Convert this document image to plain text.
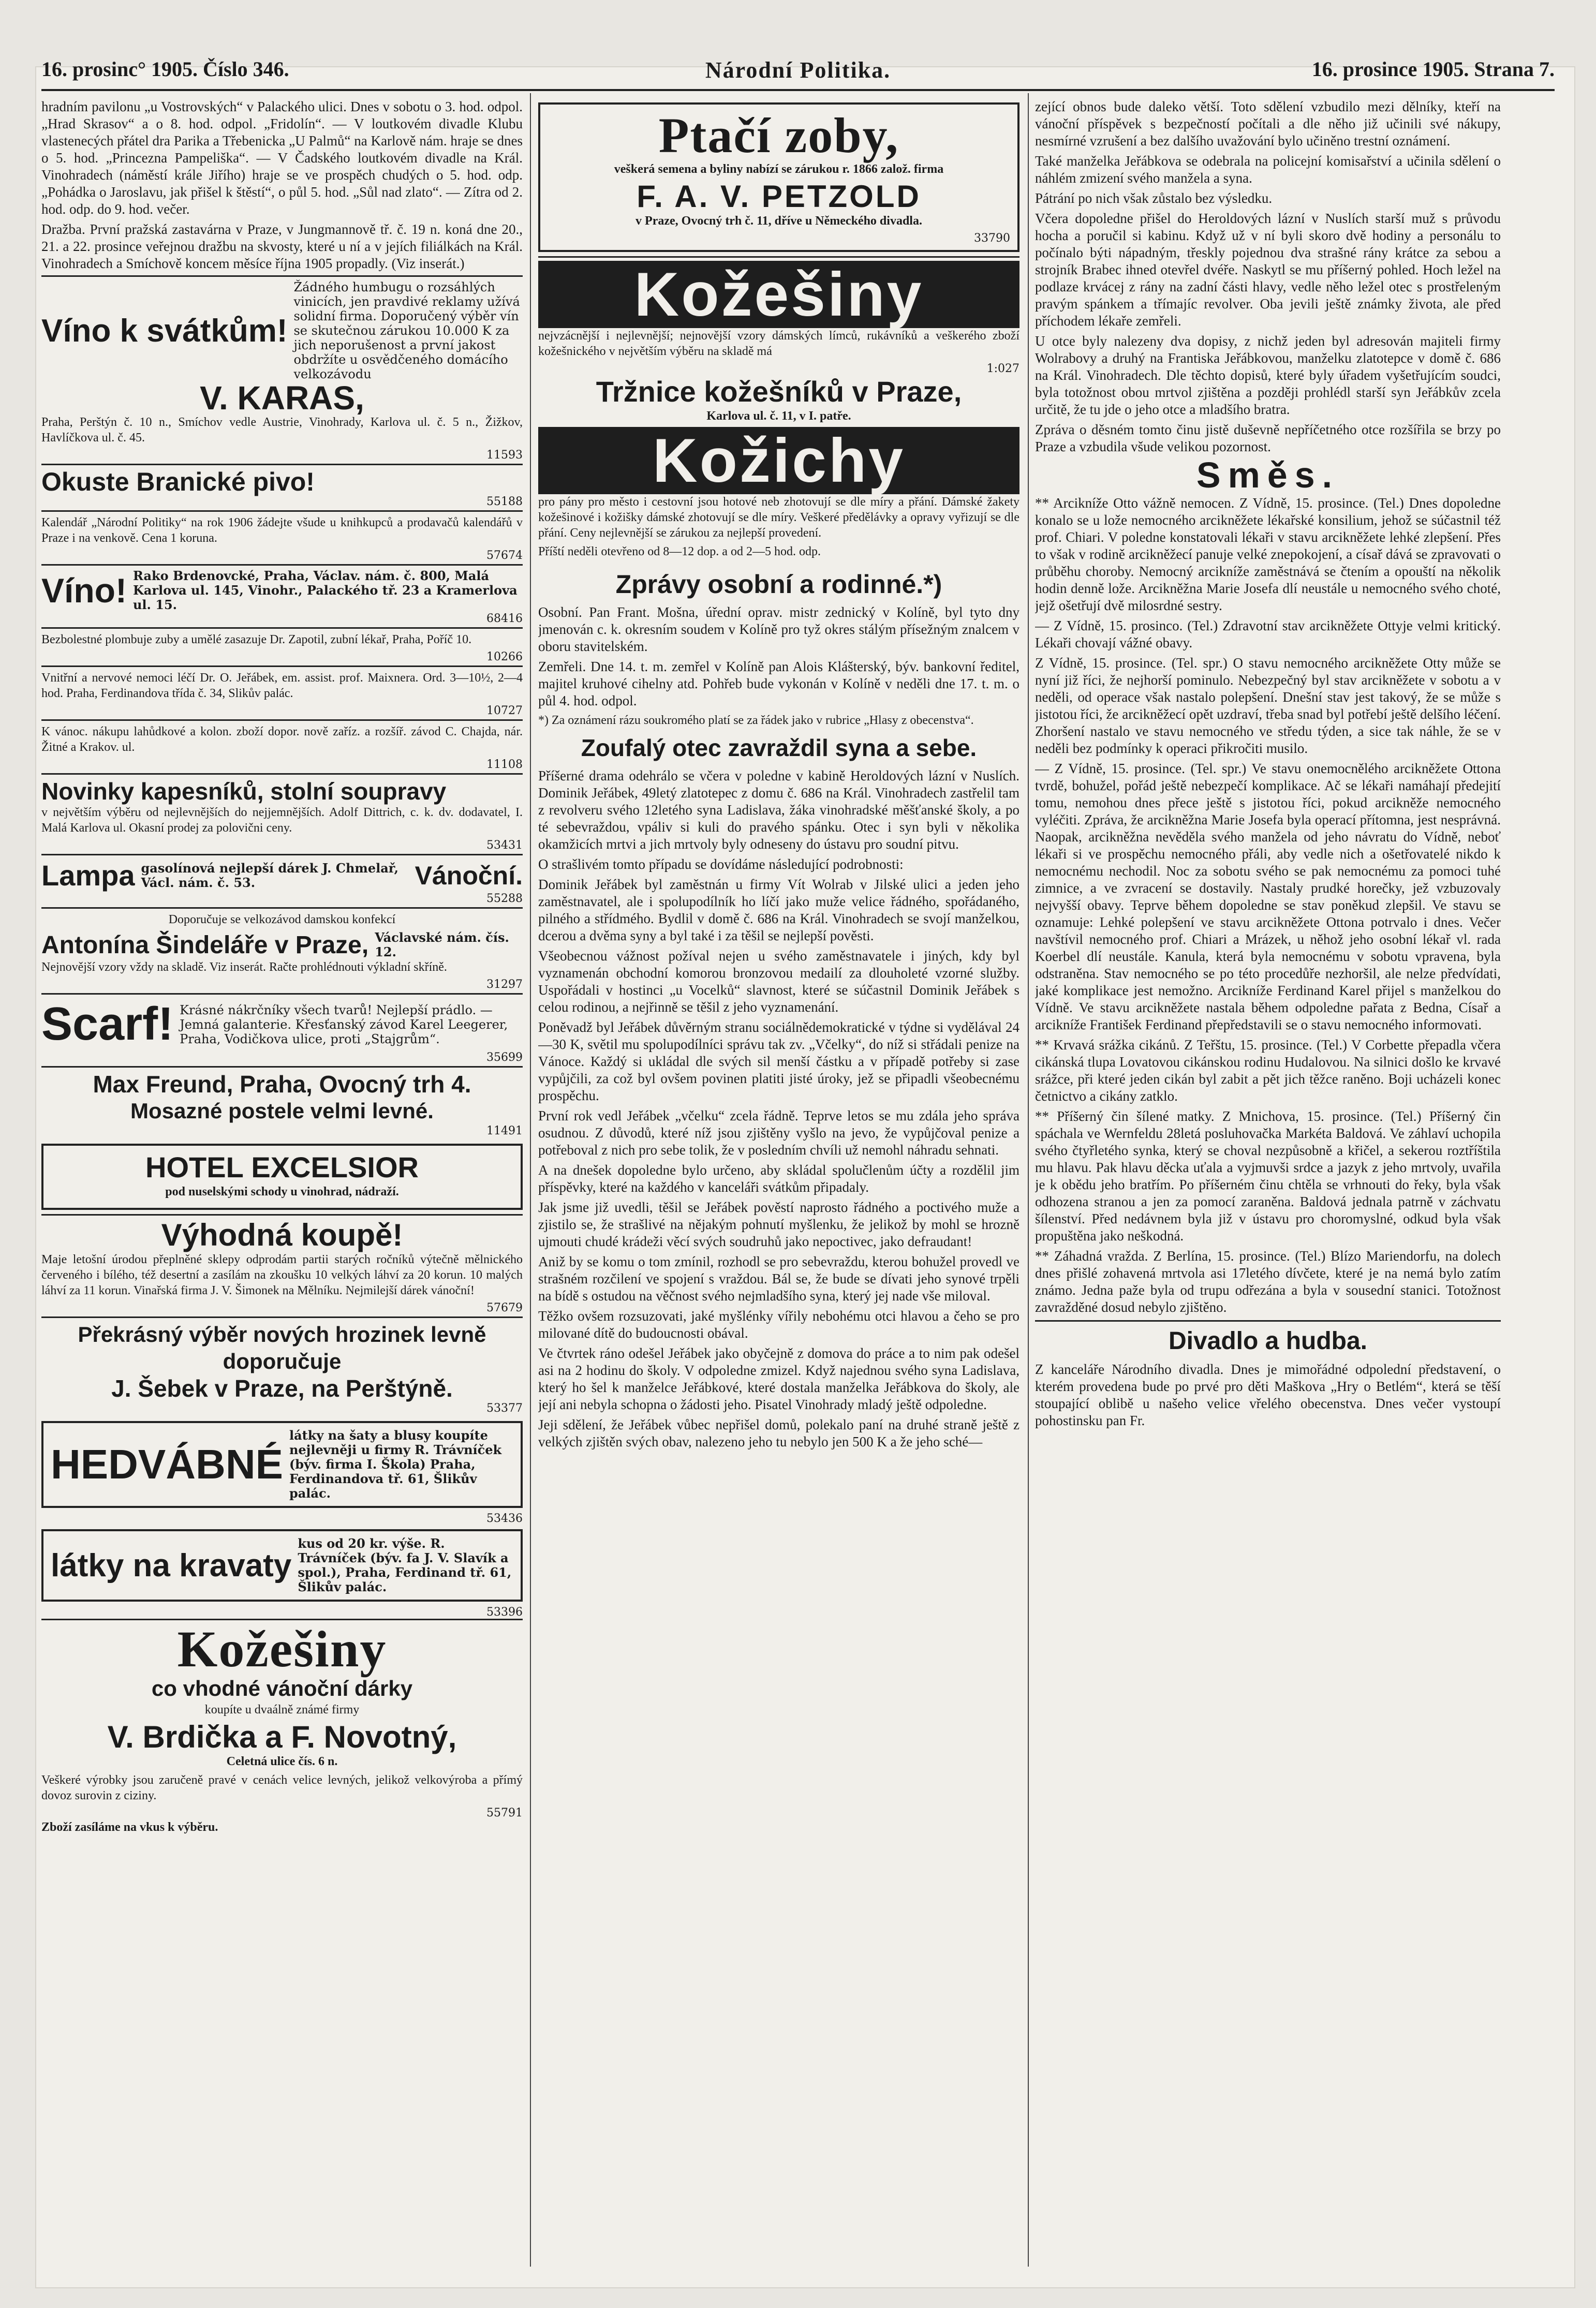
16. prosinc° 1905. Číslo 346.	Národní Politika.	16. prosince 1905. Strana 7.

hradním pavilonu „u Vostrovských“ v Palackého ulici. Dnes v sobotu o 3. hod. odpol. „Hrad Skrasov“ a o 8. hod. odpol. „Fridolín“. — V loutkovém divadle Klubu vlastenecých přátel dra Parika a Třebenicka „U Palmů“ na Karlově nám. hraje se dnes o 5. hod. „Princezna Pampeliška“. — V Čadského loutkovém divadle na Král. Vinohradech (náměstí krále Jiřího) hraje se ve prospěch chudých o 5. hod. odp. „Pohádka o Jaroslavu, jak přišel k štěstí“, o půl 5. hod. „Sůl nad zlato“. — Zítra od 2. hod. odp. do 9. hod. večer.

Dražba. První pražská zastavárna v Praze, v Jungmannově tř. č. 19 n. koná dne 20., 21. a 22. prosince veřejnou dražbu na skvosty, které u ní a v jejích filiálkách na Král. Vinohradech a Smíchově koncem měsíce října 1905 propadly. (Viz inserát.)

Víno k svátkům!
Žádného humbugu o rozsáhlých vinicích, jen pravdivé reklamy užívá solidní firma. Doporučený výběr vín se skutečnou zárukou 10.000 K za jich neporušenost a první jakost obdržíte u osvědčeného domácího velkozávodu
V. KARAS,

Praha, Perštýn č. 10 n., Smíchov vedle Austrie, Vinohrady, Karlova ul. č. 5 n., Žižkov, Havlíčkova ul. č. 45.

11593
Okuste Branické pivo!
55188

Kalendář „Národní Politiky“ na rok 1906 žádejte všude u knihkupců a prodavačů kalendářů v Praze i na venkově. Cena 1 koruna.

57674
Víno! Rako Brdenovcké, Praha, Václav. nám. č. 800, Malá Karlova ul. 145, Vinohr., Palackého tř. 23 a Kramerlova ul. 15.
68416

Bezbolestné plombuje zuby a umělé zasazuje Dr. Zapotil, zubní lékař, Praha, Poříč 10.

10266

Vnitřní a nervové nemoci léčí Dr. O. Jeřábek, em. assist. prof. Maixnera. Ord. 3—10½, 2—4 hod. Praha, Ferdinandova třída č. 34, Slikův palác.

10727

K vánoc. nákupu lahůdkové a kolon. zboží dopor. nově zaříz. a rozšíř. závod C. Chajda, nár. Žitné a Krakov. ul.

11108
Novinky kapesníků, stolní soupravy

v největším výběru od nejlevnějších do nejjemnějších. Adolf Dittrich, c. k. dv. dodavatel, I. Malá Karlova ul. Okasní prodej za polovični ceny.

53431
Lampa gasolínová nejlepší dárek J. Chmelař, Václ. nám. č. 53.	Vánoční.
55288

Doporučuje se velkozávod damskou konfekcí

Antonína Šindeláře v Praze, Václavské nám. čís. 12.

Nejnovější vzory vždy na skladě. Viz inserát. Račte prohlédnouti výkladní skříně.

31297
Scarf! Krásné nákrčníky všech tvarů! Nejlepší prádlo. — Jemná galanterie. Křesťanský závod Karel Leegerer, Praha, Vodičkova ulice, proti „Stajgrům“.
35699
Max Freund, Praha, Ovocný trh 4.
Mosazné postele velmi levné.
11491
HOTEL EXCELSIOR

pod nuselskými schody u vinohrad, nádraží.

Výhodná koupě!

Maje letošní úrodou přeplněné sklepy odprodám partii starých ročníků výtečně mělnického červeného i bílého, též desertní a zasílám na zkoušku 10 velkých láhví za 20 korun. 10 malých láhví za 11 korun. Vinařská firma J. V. Šimonek na Mělníku. Nejmilejší dárek vánoční!

57679
Překrásný výběr nových hrozinek levně doporučuje
J. Šebek v Praze, na Perštýně.
53377
HEDVÁBNÉ
látky na šaty a blusy koupíte nejlevněji u firmy R. Trávníček (býv. firma I. Škola) Praha, Ferdinandova tř. 61, Šlikův palác.
53436
látky na kravaty
kus od 20 kr. výše. R. Trávníček (býv. fa J. V. Slavík a spol.), Praha, Ferdinand tř. 61, Šlikův palác.
53396
Kožešiny
co vhodné vánoční dárky

koupíte u dvaálně známé firmy

V. Brdička a F. Novotný,

Celetná ulice čís. 6 n.

Veškeré výrobky jsou zaručeně pravé v cenách velice levných, jelikož velkovýroba a přímý dovoz surovin z ciziny.

55791

Zboží zasíláme na vkus k výběru.

Ptačí zoby,

veškerá semena a byliny nabízí se zárukou r. 1866 založ. firma

F. A. V. PETZOLD

v Praze, Ovocný trh č. 11, dříve u Německého divadla.

33790
Kožešiny

nejvzácnější i nejlevnější; nejnovější vzory dámských límců, rukávníků a veškerého zboží kožešnického v největším výběru na skladě má

1:027
Tržnice kožešníků v Praze,

Karlova ul. č. 11, v I. patře.

Kožichy

pro pány pro město i cestovní jsou hotové neb zhotovují se dle míry a přání. Dámské žakety kožešinové i kožišky dámské zhotovují se dle míry. Veškeré předělávky a opravy vyřizují se dle přání. Ceny nejlevnější se zárukou za nejlepší provedení.

Příští neděli otevřeno od 8—12 dop. a od 2—5 hod. odp.

Zprávy osobní a rodinné.*)

Osobní. Pan Frant. Mošna, úřední oprav. mistr zednický v Kolíně, byl tyto dny jmenován c. k. okresním soudem v Kolíně pro tyž okres stálým přísežným znalcem v oboru stavitelském.

Zemřeli. Dne 14. t. m. zemřel v Kolíně pan Alois Klášterský, býv. bankovní ředitel, majitel kruhové cihelny atd. Pohřeb bude vykonán v Kolíně v neděli dne 17. t. m. o půl 4. hod. odpol.

*) Za oznámení rázu soukromého platí se za řádek jako v rubrice „Hlasy z obecenstva“.

Zoufalý otec zavraždil syna a sebe.

Příšerné drama odehrálo se včera v poledne v kabině Heroldových lázní v Nuslích. Dominik Jeřábek, 49letý zlatotepec z domu č. 686 na Král. Vinohradech zastřelil tam z revolveru svého 12letého syna Ladislava, žáka vinohradské měšťanské školy, a po té sebevraždou, vpáliv si kuli do pravého spánku. Otec i syn byli v několika okamžicích mrtvi a jich mrtvoly byly odneseny do ústavu pro soudní pitvu.

O strašlivém tomto případu se dovídáme následující podrobnosti:

Dominik Jeřábek byl zaměstnán u firmy Vít Wolrab v Jilské ulici a jeden jeho zaměstnavatel, ale i spolupodílník ho líčí jako muže velice řádného, spořádaného, pilného a střídmého. Bydlil v domě č. 686 na Král. Vinohradech se svojí manželkou, dcerou a dvěma syny a byl také i za těšil se nejlepší pověsti.

Všeobecnou vážnost požíval nejen u svého zaměstnavatele i jiných, kdy byl vyznamenán obchodní komorou bronzovou medailí za dlouholeté vzorné služby. Uspořádali v hostinci „u Vocelků“ slavnost, které se súčastnil Dominik Jeřábek s celou rodinou, a nejřinně se těšil z jeho vyznamenání.

Poněvadž byl Jeřábek důvěrným stranu sociálnědemokratické v týdne si vydělával 24—30 K, světil mu spolupodílníci správu tak zv. „Včelky“, do níž si střádali penize na Vánoce. Každý si ukládal dle svých sil menší částku a v případě potřeby si zase vypůjčili, za což byl ovšem povinen platiti jisté úroky, jež se připadli všeobecnému prospěchu.

První rok vedl Jeřábek „včelku“ zcela řádně. Teprve letos se mu zdála jeho správa osudnou. Z důvodů, které níž jsou zjištěny vyšlo na jevo, že vypůjčoval penize a potřeboval z nich pro sebe tolik, že v posledním chvíli už nemohl náhradu sehnati.

A na dnešek dopoledne bylo určeno, aby skládal spolučlenům účty a rozdělil jim příspěvky, které na každého v kanceláři svátkům připadaly.

Jak jsme již uvedli, těšil se Jeřábek pověstí naprosto řádného a poctivého muže a zjistilo se, že strašlivé na nějakým pohnutí myšlenku, že jelikož by mohl se hrozně ujmouti chudé krádeži věcí svých soudruhů jako nepoctivec, jako defraudant!

Aniž by se komu o tom zmínil, rozhodl se pro sebevraždu, kterou bohužel provedl ve strašném rozčilení ve spojení s vraždou. Bál se, že bude se dívati jeho synové trpěli na bídě s ostudou na věčnost svého nejmladšího syna, který jej nade vše miloval.

Těžko ovšem rozsuzovati, jaké myšlénky vířily nebohému otci hlavou a čeho se pro milované dítě do budoucnosti obával.

Ve čtvrtek ráno odešel Jeřábek jako obyčejně z domova do práce a to nim pak odešel asi na 2 hodinu do školy. V odpoledne zmizel. Když najednou svého syna Ladislava, který ho šel k manželce Jeřábkové, které dostala manželka Jeřábkova do školy, ale její ani nebyla schopna o žádosti jeho. Pisatel Vinohrady mladý ještě odpoledne.

Jeji sdělení, že Jeřábek vůbec nepřišel domů, polekalo paní na druhé straně ještě z velkých zjištěn svých obav, nalezeno jeho tu nebylo jen 500 K a že jeho sché—

zející obnos bude daleko větší. Toto sdělení vzbudilo mezi dělníky, kteří na vánoční příspěvek s bezpečností počítali a dle něho již učinili své nákupy, nesmírné vzrušení a bez dalšího uvažování bylo učiněno trestní oznámení.

Také manželka Jeřábkova se odebrala na policejní komisařství a učinila sdělení o náhlém zmizení svého manžela a syna.

Pátrání po nich však zůstalo bez výsledku.

Včera dopoledne přišel do Heroldových lázní v Nuslích starší muž s průvodu hocha a poručil si kabinu. Když už v ní byli skoro dvě hodiny a personálu to počínalo býti nápadným, třeskly pojednou dva strašné rány krátce za sebou a strojník Brabec ihned otevřel dvéře. Naskytl se mu příšerný pohled. Hoch ležel na podlaze krvácej z rány na zadní části hlavy, vedle něho ležel otec s prostřeleným pravým spánkem a třímajíc revolver. Oba jevili ještě známky života, ale před příchodem lékaře zemřeli.

U otce byly nalezeny dva dopisy, z nichž jeden byl adresován majiteli firmy Wolrabovy a druhý na Frantiska Jeřábkovou, manželku zlatotepce v domě č. 686 na Král. Vinohradech. Dle těchto dopisů, které byly úřadem vyšetřujícím soudci, byla totožnost obou mrtvol zjištěna a později prohlédl starší syn Jeřábkův zcela určitě, že tu jde o jeho otce a mladšího bratra.

Zpráva o děsném tomto činu jistě duševně nepříčetného otce rozšířila se brzy po Praze a vzbudila všude velikou pozornost.

Směs.

** Arcikníže Otto vážně nemocen. Z Vídně, 15. prosince. (Tel.) Dnes dopoledne konalo se u lože nemocného arcikněžete lékařské konsilium, jehož se súčastnil též prof. Chiari. V poledne konstatovali lékaři v stavu arcikněžete lehké zlepšení. Přes to však v rodině arcikněžecí panuje velké znepokojení, a císař dává se zpravovati o průběhu choroby. Nemocný arcikníže zaměstnává se čtením a opouští na několik hodin denně lože. Arcikněžna Marie Josefa dlí neustále u nemocného svého choté, jejž ošetřují dvě milosrdné sestry.

— Z Vídně, 15. prosinco. (Tel.) Zdravotní stav arcikněžete Ottyje velmi kritický. Lékaři chovají vážné obavy.

Z Vídně, 15. prosince. (Tel. spr.) O stavu nemocného arcikněžete Otty může se nyní již říci, že nejhorší pominulo. Nebezpečný byl stav arcikněžete v sobotu a v neděli, od operace však nastalo polepšení. Dnešní stav jest takový, že se může s jistotou říci, že arcikněžecí opět uzdraví, třeba snad byl potřebí ještě delšího léčení. Zhoršení nastalo ve stavu nemocného ve středu týden, a sice tak náhle, že se v neděli bez podmínky k operaci přikročiti musilo.

— Z Vídně, 15. prosince. (Tel. spr.) Ve stavu onemocnělého arcikněžete Ottona tvrdě, bohužel, pořád ještě nebezpečí komplikace. Ač se lékaři namáhají předejití tomu, nemohou dnes přece ještě s jistotou říci, pokud arcikněže nemocného vyléčiti. Zpráva, že arcikněžna Marie Josefa byla operací přítomna, jest nesprávná. Naopak, arcikněžna nevěděla svého manžela od jeho návratu do Vídně, neboť lékaři si ve prospěchu nemocného přáli, aby vedle nich a ošetřovatelé nikdo k nemocnému nechodil. Noc za sobotu svého se pak nemocnému za pomoci tuhé zimnice, a ve zvracení se dostavily. Nastaly prudké horečky, jež vzbuzovaly nejvyšší obavy. Teprve během dopoledne se stav poněkud zlepšil. Ve stavu se oznamuje: Lehké polepšení ve stavu arcikněžete Ottona potrvalo i dnes. Večer navštívil nemocného prof. Chiari a Mrázek, u něhož jeho osobní lékař vl. rada Koerbel dlí neustále. Kanula, která byla nemocnému v sobotu vpravena, byla odstraněna. Stav nemocného se po této procedůře nezhoršil, ale nelze předvídati, jaké komplikace jest nemožno. Arcikníže Ferdinand Karel přijel s manželkou do Vídně. Ve stavu arcikněžete nastala během odpoledne pařata z Bedna, Císař a arcikníže František Ferdinand přepředstavili se o stavu nemocného informovati.

** Krvavá srážka cikánů. Z Teřštu, 15. prosince. (Tel.) V Corbette přepadla včera cikánská tlupa Lovatovou cikánskou rodinu Hudalovou. Na silnici došlo ke krvavé srážce, při které jeden cikán byl zabit a pět jich těžce raněno. Boji ucházeli konec četnictvo a cikány zatklo.

** Příšerný čin šílené matky. Z Mnichova, 15. prosince. (Tel.) Příšerný čin spáchala ve Wernfeldu 28letá posluhovačka Markéta Baldová. Ve záhlaví uchopila svého čtyřletého synka, který se choval nezpůsobně a křičel, a sekerou roztříštila mu hlavu. Pak hlavu děcka uťala a vyjmuvši srdce a jazyk z jeho mrtvoly, uvařila je k obědu jeho bratřím. Po příšerném činu chtěla se vrhnouti do řeky, byla však odhozena stranou a jen za pomocí zaraněna. Baldová jednala patrně v záchvatu šílenství. Před nedávnem byla již v ústavu pro choromyslné, odkud byla však propuštěna jako neškodná.

** Záhadná vražda. Z Berlína, 15. prosince. (Tel.) Blízo Mariendorfu, na dolech dnes přišlé zohavená mrtvola asi 17letého dívčete, které je na nemá bylo zatím známo. Jedna paže byla od trupu odřezána a byla v sousední stanici. Totožnost zavražděné dosud nebylo zjištěno.

Divadlo a hudba.

Z kanceláře Národního divadla. Dnes je mimořádné odpolední představení, o kterém provedena bude po prvé pro děti Maškova „Hry o Betlém“, která se těší stoupající oblibě u našeho velice vřelého obecenstva. Dnes večer vystoupí pohostinsku pan Fr.
